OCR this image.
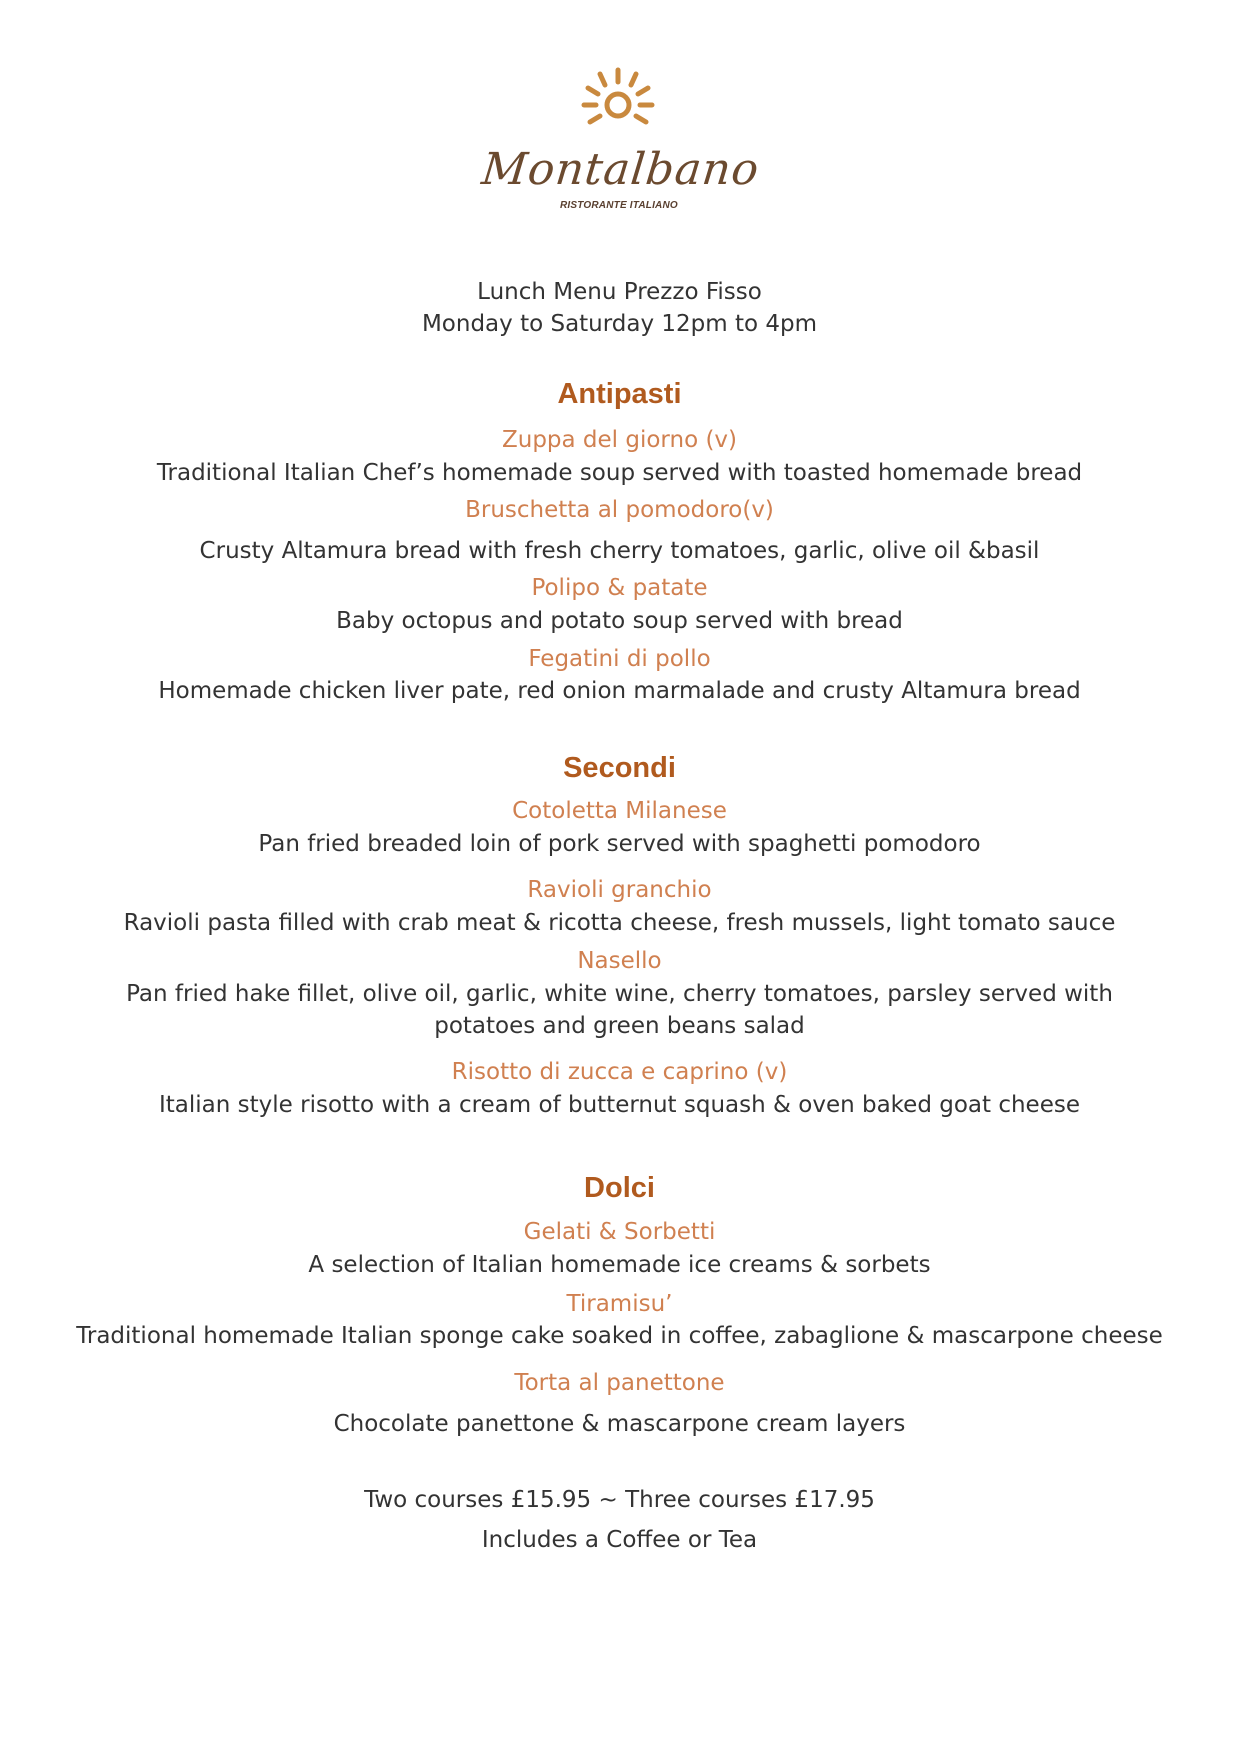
Montalbano
RISTORANTE ITALIANO
Lunch Menu Prezzo Fisso
Monday to Saturday 12pm to 4pm
Antipasti
Zuppa del giorno (v)
Traditional Italian Chef’s homemade soup served with toasted homemade bread
Bruschetta al pomodoro(v)
Crusty Altamura bread with fresh cherry tomatoes, garlic, olive oil &basil
Polipo & patate
Baby octopus and potato soup served with bread
Fegatini di pollo
Homemade chicken liver pate, red onion marmalade and crusty Altamura bread
Secondi
Cotoletta Milanese
Pan fried breaded loin of pork served with spaghetti pomodoro
Ravioli granchio
Ravioli pasta filled with crab meat & ricotta cheese, fresh mussels, light tomato sauce
Nasello
Pan fried hake fillet, olive oil, garlic, white wine, cherry tomatoes, parsley served with
potatoes and green beans salad
Risotto di zucca e caprino (v)
Italian style risotto with a cream of butternut squash & oven baked goat cheese
Dolci
Gelati & Sorbetti
A selection of Italian homemade ice creams & sorbets
Tiramisu’
Traditional homemade Italian sponge cake soaked in coffee, zabaglione & mascarpone cheese
Torta al panettone
Chocolate panettone & mascarpone cream layers
Two courses £15.95 ~ Three courses £17.95
Includes a Coffee or Tea
